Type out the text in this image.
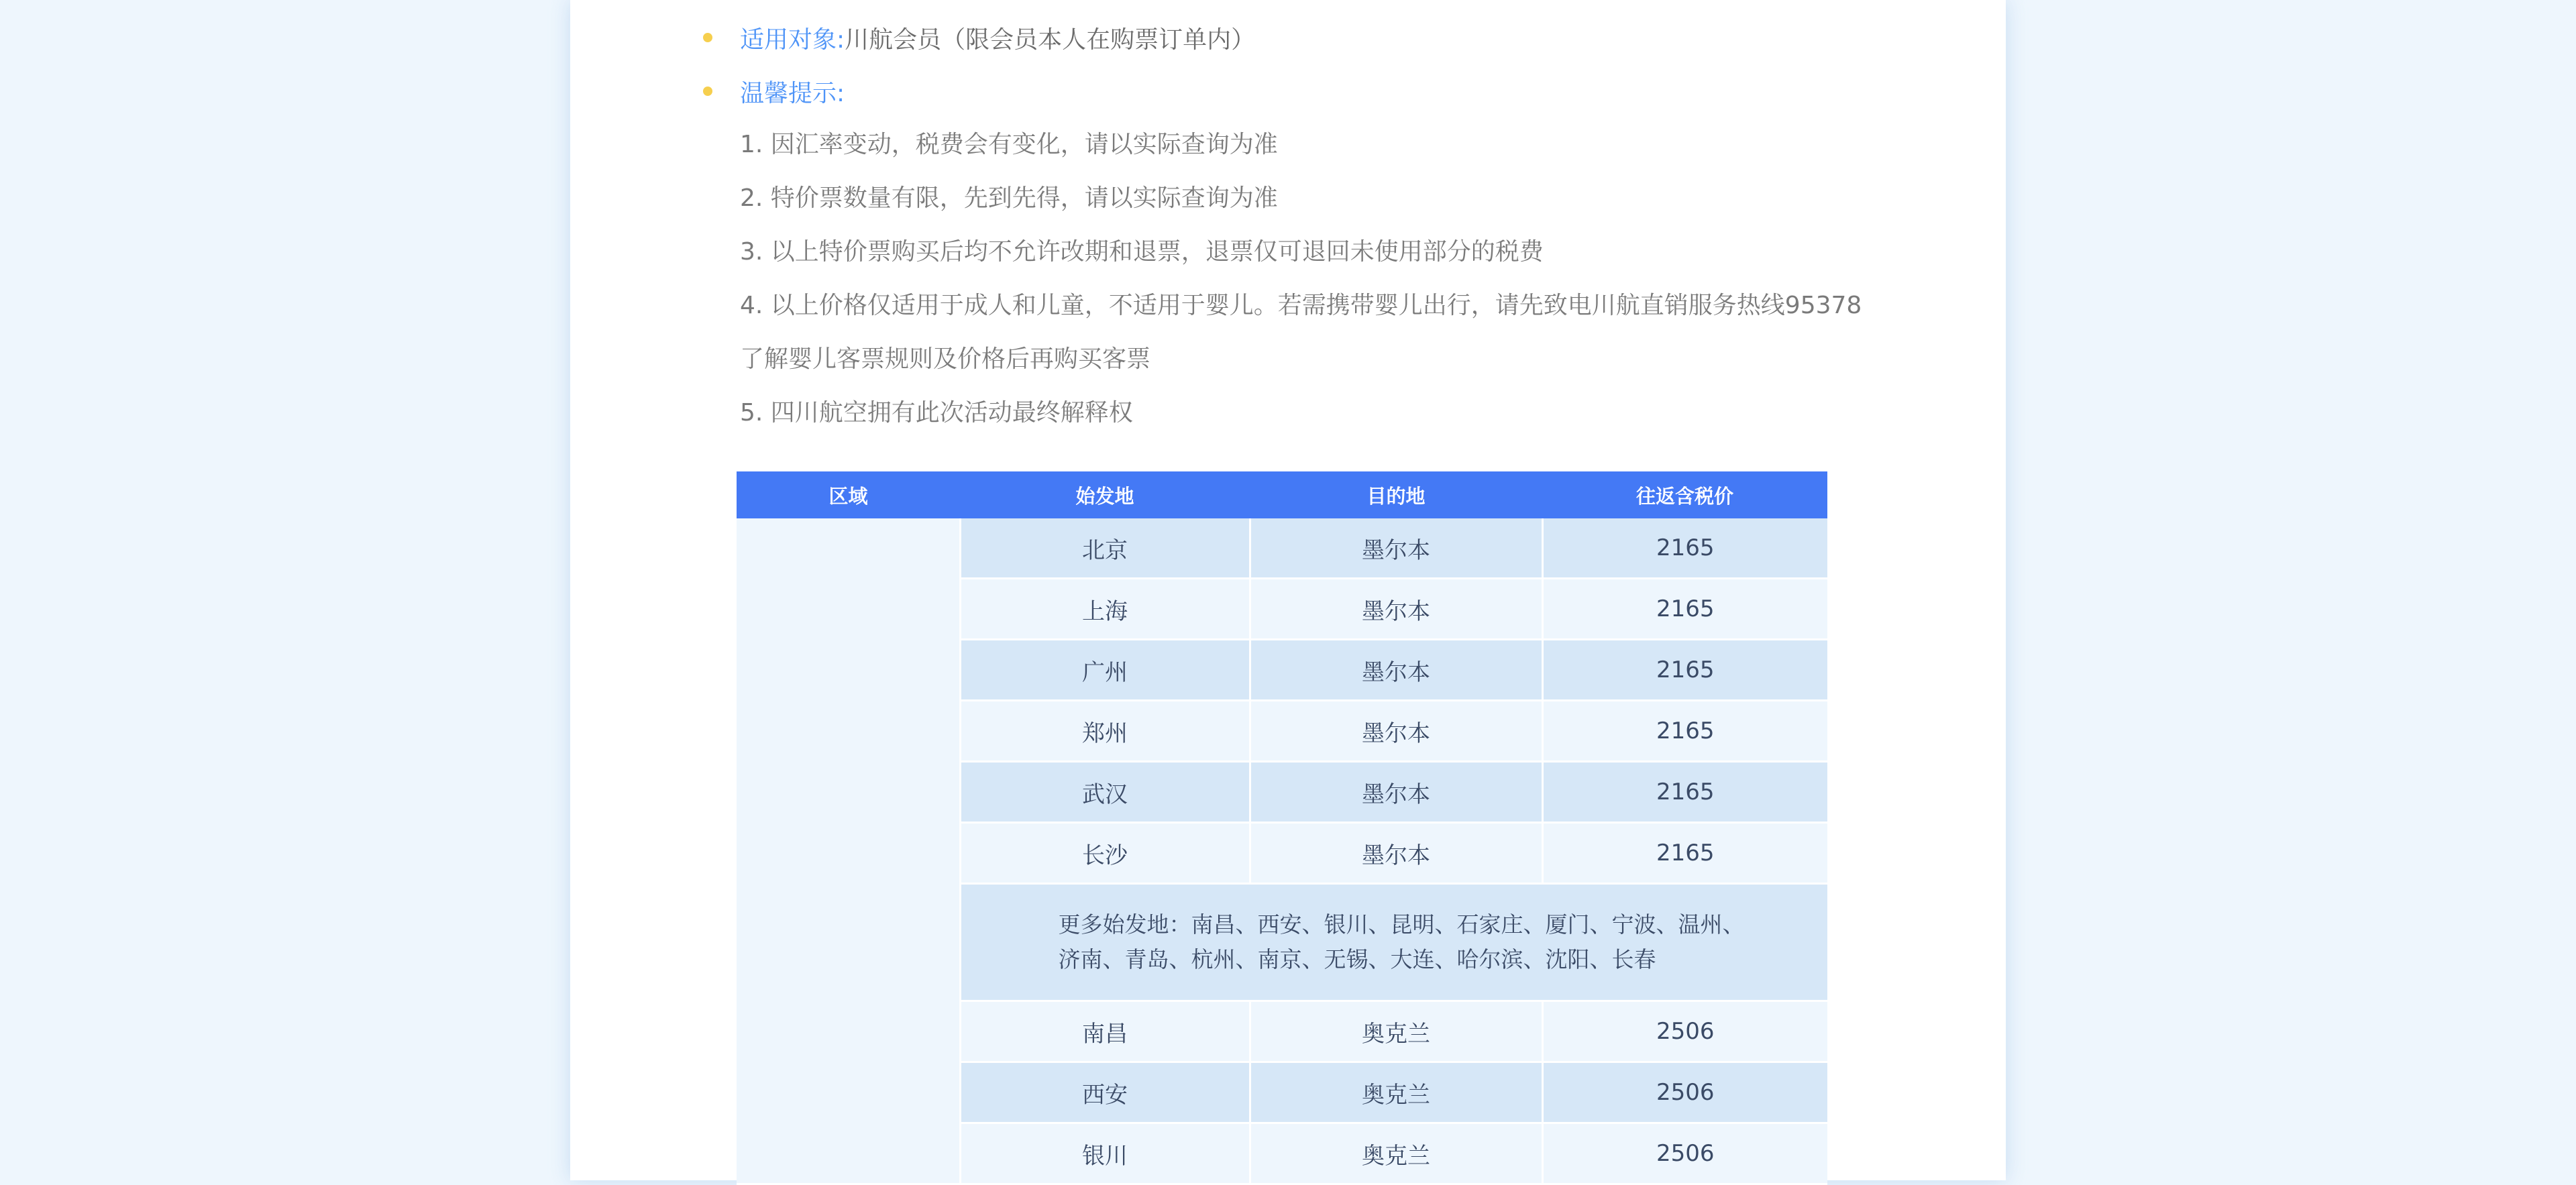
适用对象: 川航会员（限会员本人在购票订单内）
温馨提示:
1. 因汇率变动，税费会有变化，请以实际查询为准
2. 特价票数量有限，先到先得，请以实际查询为准
3. 以上特价票购买后均不允许改期和退票，退票仅可退回未使用部分的税费
4. 以上价格仅适用于成人和儿童，不适用于婴儿。若需携带婴儿出行，请先致电川航直销服务热线95378
了解婴儿客票规则及价格后再购买客票
5. 四川航空拥有此次活动最终解释权
区域	始发地	目的地	往返含税价
	北京	墨尔本	2165
	上海	墨尔本	2165
	广州	墨尔本	2165
	郑州	墨尔本	2165
	武汉	墨尔本	2165
	长沙	墨尔本	2165
	更多始发地：南昌、西安、银川、昆明、石家庄、厦门、宁波、温州、
济南、青岛、杭州、南京、无锡、大连、哈尔滨、沈阳、长春		
	南昌	奥克兰	2506
	西安	奥克兰	2506
	银川	奥克兰	2506
